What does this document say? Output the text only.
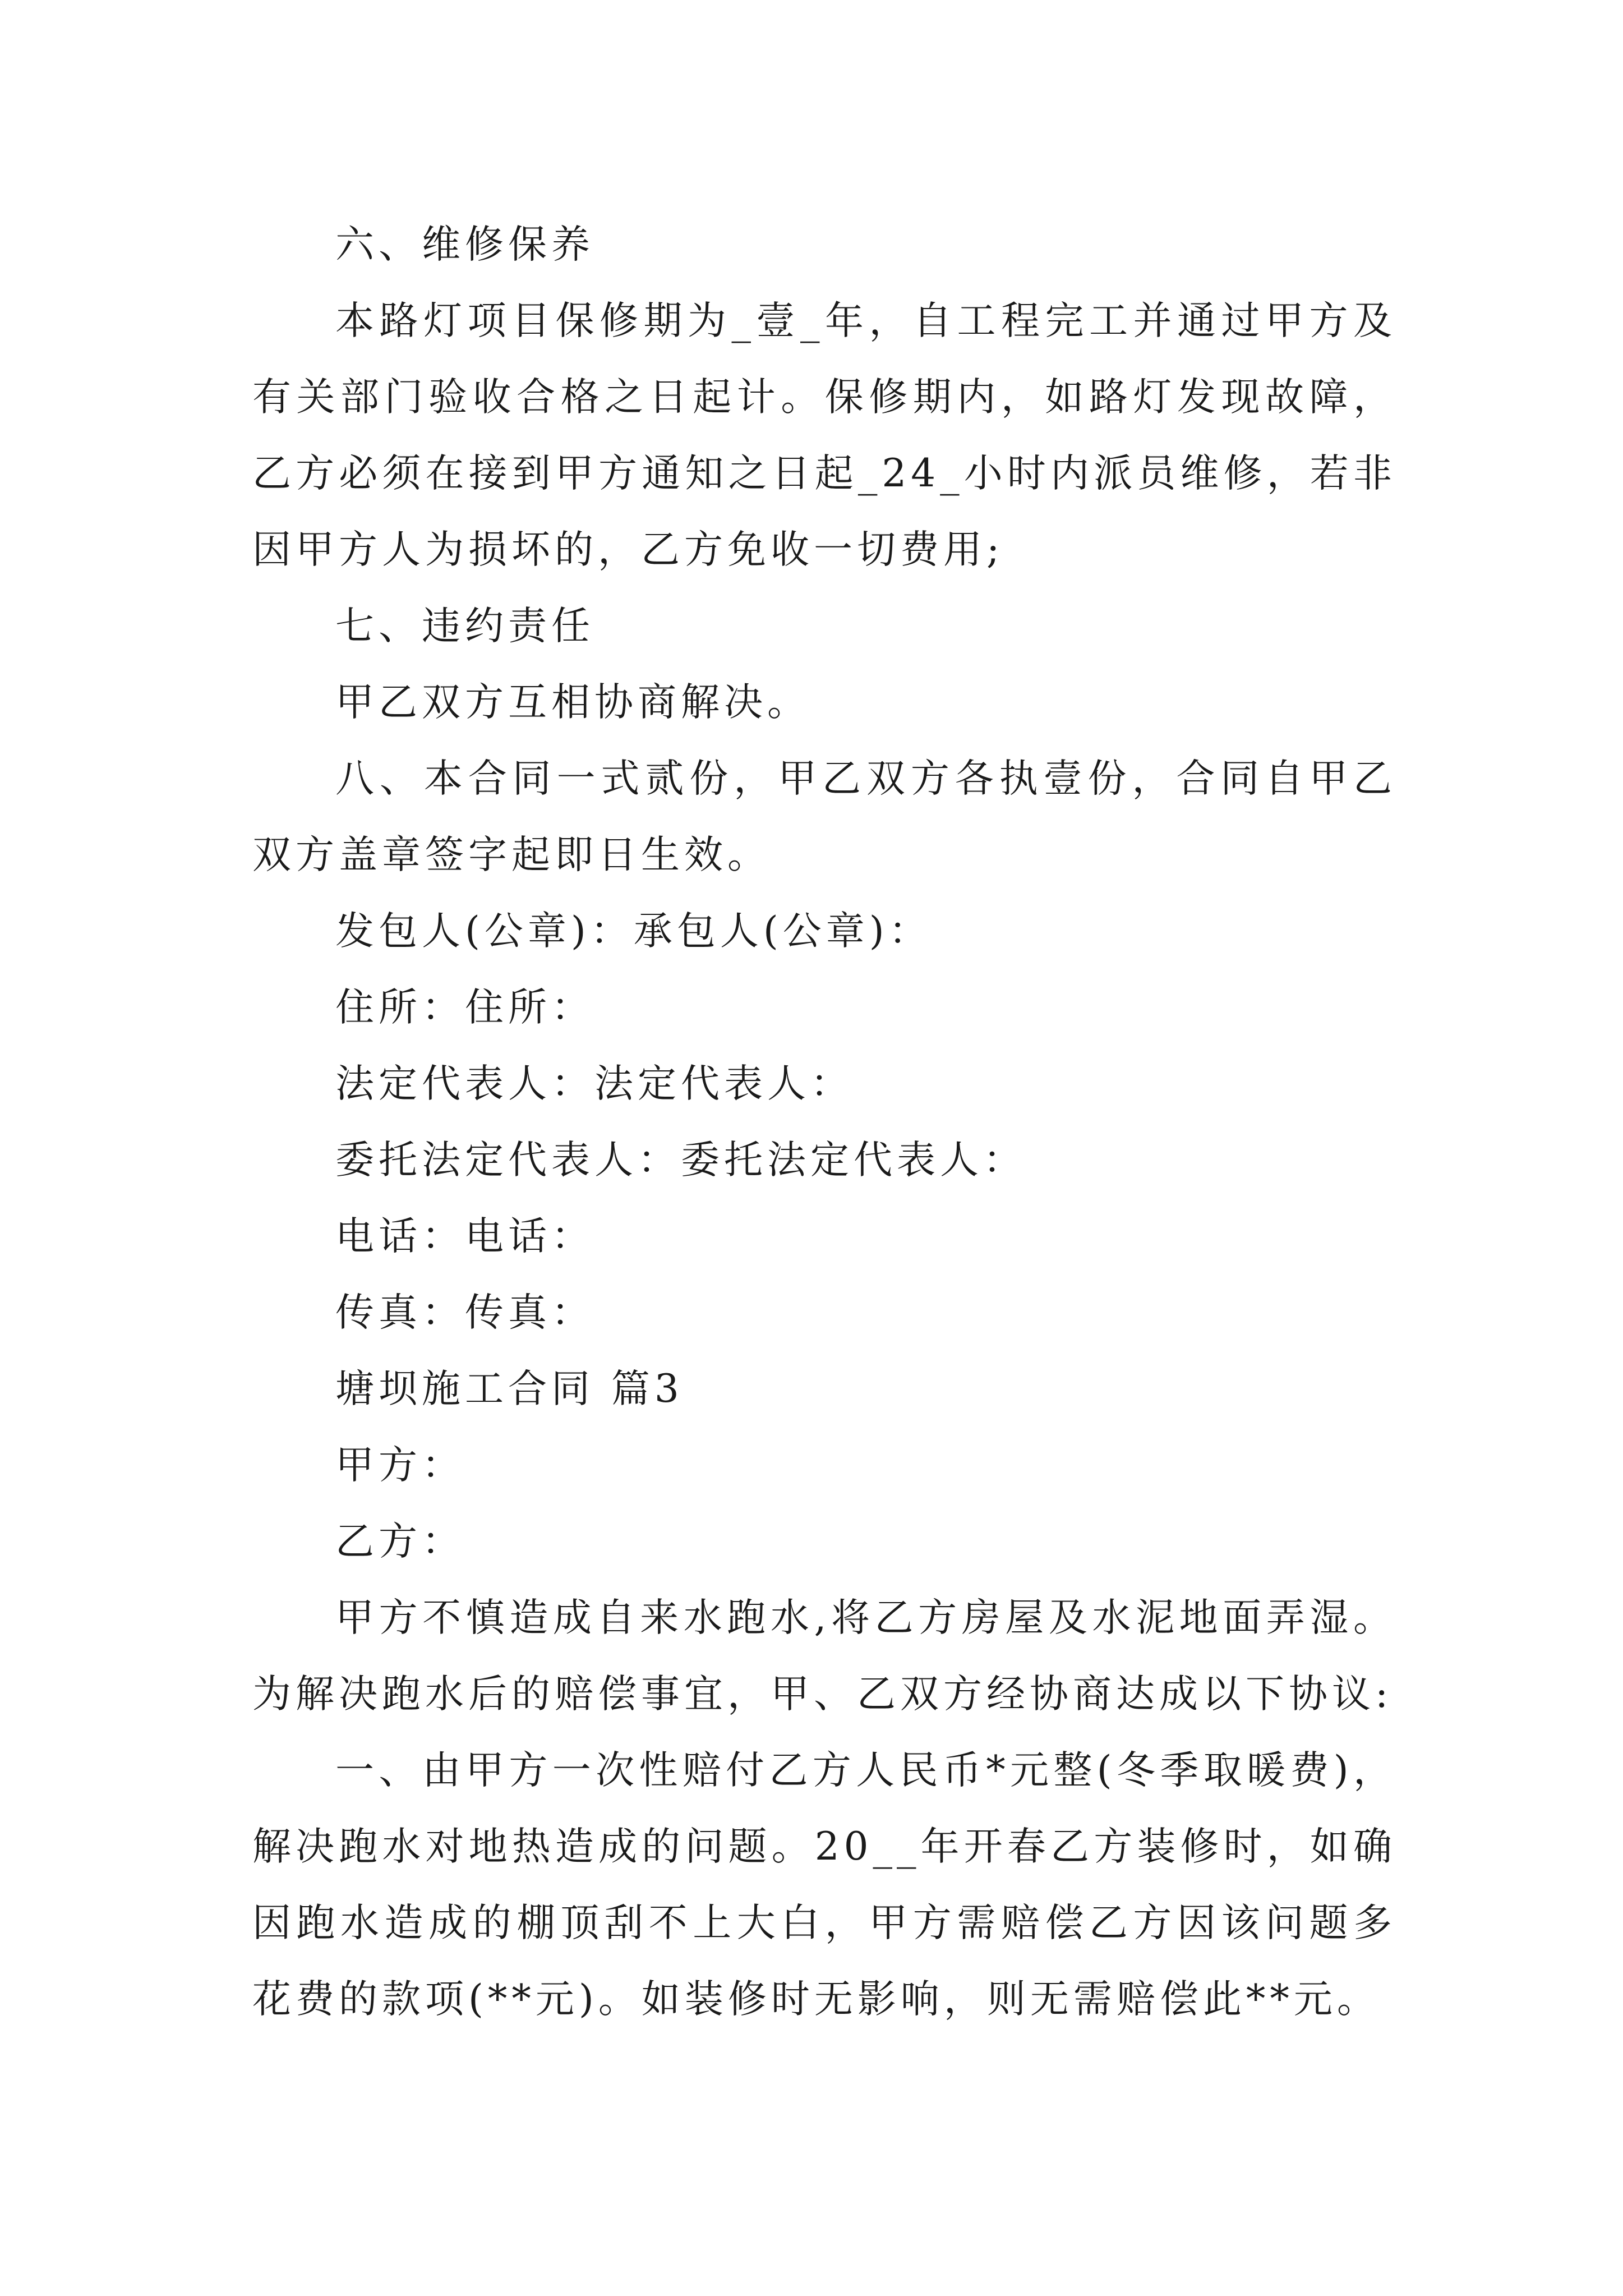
六、维修保养

本路灯项目保修期为_壹_年，自工程完工并通过甲方及有关部门验收合格之日起计。保修期内，如路灯发现故障，乙方必须在接到甲方通知之日起_24_小时内派员维修，若非因甲方人为损坏的，乙方免收一切费用;

七、违约责任

甲乙双方互相协商解决。

八、本合同一式贰份，甲乙双方各执壹份，合同自甲乙双方盖章签字起即日生效。

发包人(公章)：承包人(公章)：

住所：住所：

法定代表人：法定代表人：

委托法定代表人：委托法定代表人：

电话：电话：

传真：传真：

塘坝施工合同 篇3

甲方：

乙方：

甲方不慎造成自来水跑水,将乙方房屋及水泥地面弄湿。为解决跑水后的赔偿事宜，甲、乙双方经协商达成以下协议:

一、由甲方一次性赔付乙方人民币*元整(冬季取暖费)，解决跑水对地热造成的问题。20__年开春乙方装修时，如确因跑水造成的棚顶刮不上大白，甲方需赔偿乙方因该问题多花费的款项(**元)。如装修时无影响，则无需赔偿此**元。
